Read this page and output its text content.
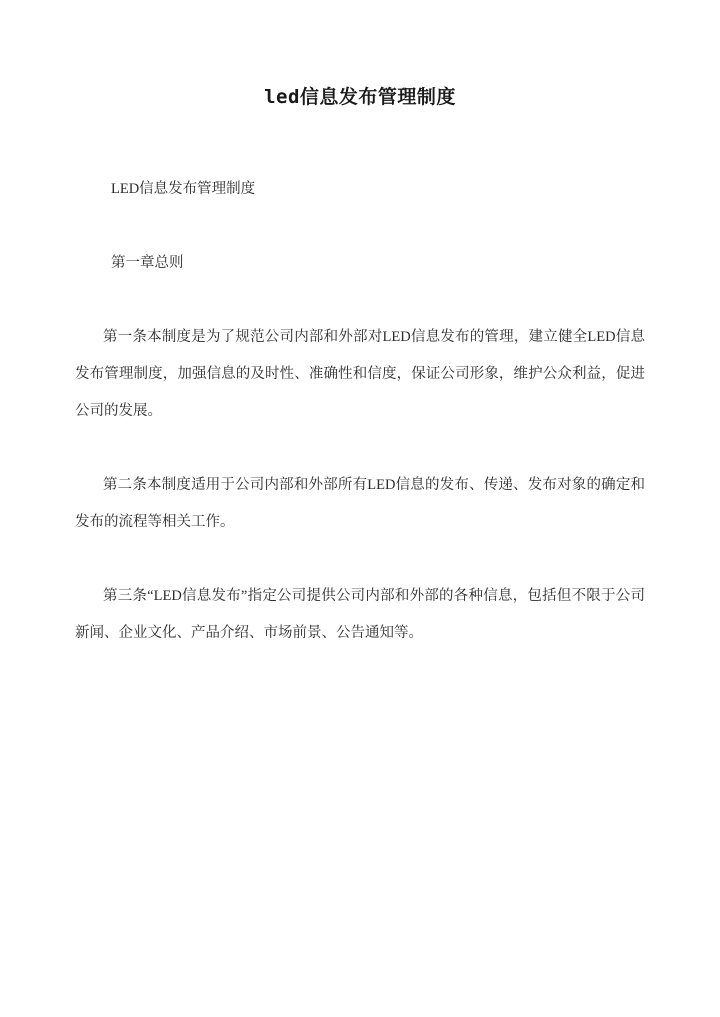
led信息发布管理制度

LED信息发布管理制度

第一章总则

第一条本制度是为了规范公司内部和外部对LED信息发布的管理，建立健全LED信息发布管理制度，加强信息的及时性、准确性和信度，保证公司形象，维护公众利益，促进公司的发展。

第二条本制度适用于公司内部和外部所有LED信息的发布、传递、发布对象的确定和发布的流程等相关工作。

第三条“LED信息发布”指定公司提供公司内部和外部的各种信息，包括但不限于公司新闻、企业文化、产品介绍、市场前景、公告通知等。
